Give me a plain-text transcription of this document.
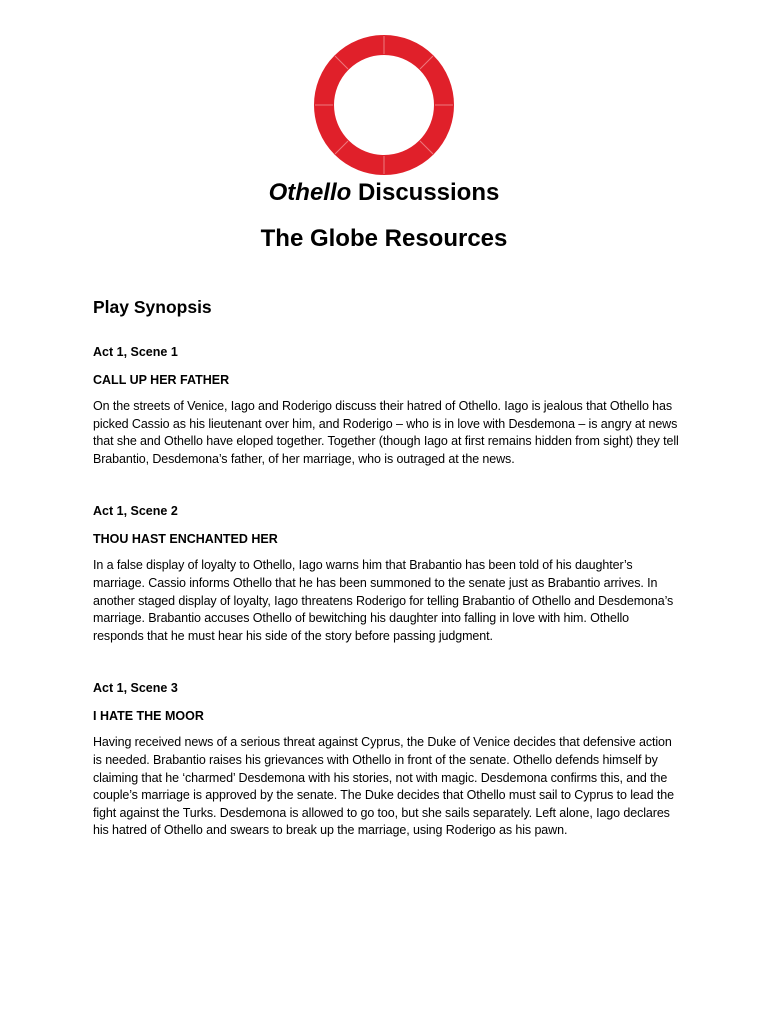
Othello Discussions
The Globe Resources
Play Synopsis

Act 1, Scene 1

CALL UP HER FATHER

On the streets of Venice, Iago and Roderigo discuss their hatred of Othello. Iago is jealous that Othello has picked Cassio as his lieutenant over him, and Roderigo – who is in love with Desdemona – is angry at news that she and Othello have eloped together. Together (though Iago at first remains hidden from sight) they tell Brabantio, Desdemona’s father, of her marriage, who is outraged at the news.

Act 1, Scene 2

THOU HAST ENCHANTED HER

In a false display of loyalty to Othello, Iago warns him that Brabantio has been told of his daughter’s marriage. Cassio informs Othello that he has been summoned to the senate just as Brabantio arrives. In another staged display of loyalty, Iago threatens Roderigo for telling Brabantio of Othello and Desdemona’s marriage. Brabantio accuses Othello of bewitching his daughter into falling in love with him. Othello responds that he must hear his side of the story before passing judgment.

Act 1, Scene 3

I HATE THE MOOR

Having received news of a serious threat against Cyprus, the Duke of Venice decides that defensive action is needed. Brabantio raises his grievances with Othello in front of the senate. Othello defends himself by claiming that he ‘charmed’ Desdemona with his stories, not with magic. Desdemona confirms this, and the couple’s marriage is approved by the senate. The Duke decides that Othello must sail to Cyprus to lead the fight against the Turks. Desdemona is allowed to go too, but she sails separately. Left alone, Iago declares his hatred of Othello and swears to break up the marriage, using Roderigo as his pawn.
